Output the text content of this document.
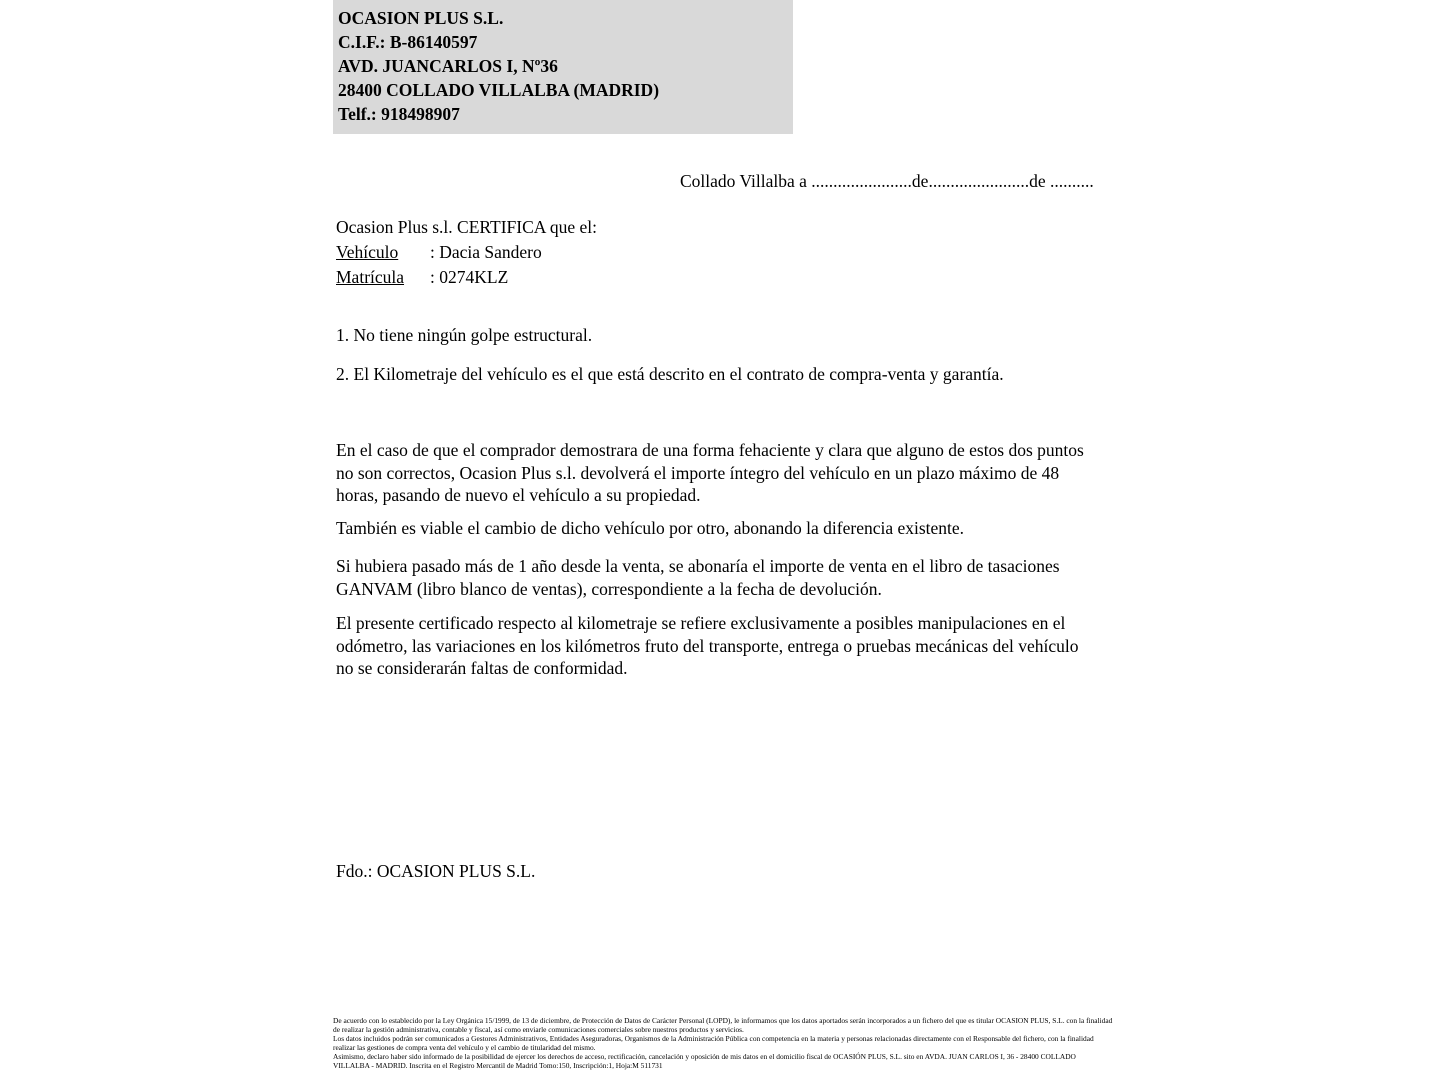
OCASION PLUS S.L.
C.I.F.: B-86140597
AVD. JUANCARLOS I, Nº36
28400 COLLADO VILLALBA (MADRID)
Telf.: 918498907
Collado Villalba a .......................de.......................de ..........
Ocasion Plus s.l. CERTIFICA que el:
Vehículo : Dacia Sandero
Matrícula : 0274KLZ
1. No tiene ningún golpe estructural.
2. El Kilometraje del vehículo es el que está descrito en el contrato de compra-venta y garantía.
En el caso de que el comprador demostrara de una forma fehaciente y clara que alguno de estos dos puntos no son correctos, Ocasion Plus s.l. devolverá el importe íntegro del vehículo en un plazo máximo de 48 horas, pasando de nuevo el vehículo a su propiedad.
También es viable el cambio de dicho vehículo por otro, abonando la diferencia existente.
Si hubiera pasado más de 1 año desde la venta, se abonaría el importe de venta en el libro de tasaciones GANVAM (libro blanco de ventas), correspondiente a la fecha de devolución.
El presente certificado respecto al kilometraje se refiere exclusivamente a posibles manipulaciones en el odómetro, las variaciones en los kilómetros fruto del transporte, entrega o pruebas mecánicas del vehículo no se considerarán faltas de conformidad.
Fdo.: OCASION PLUS S.L.

De acuerdo con lo establecido por la Ley Orgánica 15/1999, de 13 de diciembre, de Protección de Datos de Carácter Personal (LOPD), le informamos que los datos aportados serán incorporados a un fichero del que es titular OCASION PLUS, S.L. con la finalidad de realizar la gestión administrativa, contable y fiscal, así como enviarle comunicaciones comerciales sobre nuestros productos y servicios.

Los datos incluidos podrán ser comunicados a Gestores Administrativos, Entidades Aseguradoras, Organismos de la Administración Pública con competencia en la materia y personas relacionadas directamente con el Responsable del fichero, con la finalidad realizar las gestiones de compra venta del vehículo y el cambio de titularidad del mismo.

Asimismo, declaro haber sido informado de la posibilidad de ejercer los derechos de acceso, rectificación, cancelación y oposición de mis datos en el domicilio fiscal de OCASIÓN PLUS, S.L. sito en AVDA. JUAN CARLOS I, 36 - 28400 COLLADO VILLALBA - MADRID. Inscrita en el Registro Mercantil de Madrid Tomo:150, Inscripción:1, Hoja:M 511731
